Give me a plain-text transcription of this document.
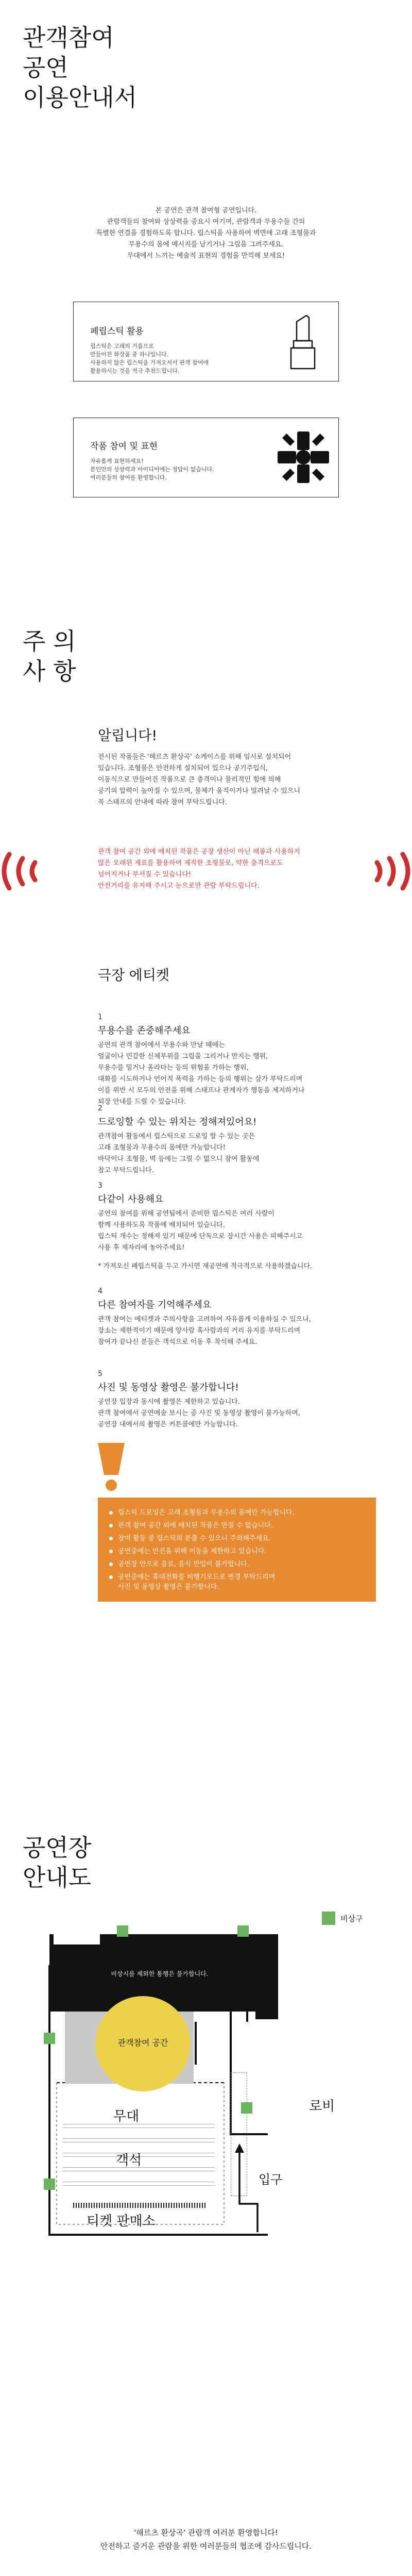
관객참여
공연
이용안내서

본 공연은 관객 참여형 공연입니다.

관람객들의 참여와 상상력을 중요시 여기며, 관람객과 무용수들 간의

특별한 연결을 경험하도록 합니다. 립스틱을 사용하여 벽면에 고래 조형물과

무용수의 몸에 메시지를 남기거나 그림을 그려주세요.

무대에서 느끼는 예술적 표현의 경험을 만끽해 보세요!

페립스틱 활용
립스틱은 고래의 기름으로
만들어진 화장품 중 하나입니다.
사용하지 않은 립스틱을 가져오셔서 관객 참여에
활용하시는 것을 적극 추천드립니다.
작품 참여 및 표현
자유롭게 표현하세요!
본인만의 상상력과 아이디어에는 정답이 없습니다.
여러분들의 참여를 환영합니다.
주 의
사 항
알립니다!
전시된 작품들은 '해르츠 환상곡' 쇼케이스를 위해 임시로 설치되어
있습니다. 조형물은 안전하게 설치되어 있으나 공기주입식,
이동식으로 만들어진 작품으로 큰 충격이나 물리적인 힘에 의해
공기의 압력이 높아질 수 있으며, 물체가 움직이거나 밀려날 수 있으니
꼭 스태프의 안내에 따라 참여 부탁드립니다.
관객 참여 공간 외에 배치된 작품은 공장 생산이 아닌 해롱과 사용하지
않은 오래된 재료를 활용하여 제작한 조형물로, 약한 충격으로도
넘어지거나 부서질 수 있습니다!
안전거리를 유지해 주시고 눈으로만 관람 부탁드립니다.
극장 에티켓
1
무용수를 존중해주세요
공연의 관객 참여에서 무용수와 만날 때에는
얼굴이나 민감한 신체부위를 그림을 그리거나 만지는 행위,
무용수를 밀거나 올라타는 등의 위험을 가하는 행위,
대화를 시도하거나 언어적 폭력을 가하는 등의 행위는 삼가 부탁드리며
이를 위반 시 모두의 안전을 위해 스태프나 관계자가 행동을 제지하거나
퇴장 안내를 드릴 수 있습니다.
2
드로잉할 수 있는 위치는 정해져있어요!
관객참여 활동에서 립스틱으로 드로잉 할 수 있는 곳은
고래 조형물과 무용수의 몸에만 가능합니다!
바닥이나 조형물, 벽 등에는 그릴 수 없으니 참여 활동에
참고 부탁드립니다.
3
다같이 사용해요
공연의 참여를 위해 공연팀에서 준비한 립스틱은 여러 사람이
함께 사용하도록 작품에 배치되어 있습니다.
립스틱 개수는 정해져 있기 때문에 단독으로 장시간 사용은 피해주시고
사용 후 제자리에 놓아주세요!
* 가져오신 폐립스틱을 두고 가시면 재공연에 적극적으로 사용하겠습니다.
4
다른 참여자를 기억해주세요
관객 참여는 에티켓과 주의사항을 고려하여 자유롭게 이용하실 수 있으나,
장소는 제한적이기 때문에 양사람 혹사람과의 거리 유지를 부탁드리며
참여가 끝나신 분들은 객석으로 이동 후 착석해 주세요.
5
사진 및 동영상 촬영은 불가합니다!
공연장 입장과 동시에 촬영은 제한하고 있습니다.
관객 참여에서 공연예술 보시는 중 사진 및 동영상 촬영이 불가능하며,
공연장 내에서의 촬영은 커튼콜에만 가능합니다.
립스틱 드로잉은 고래 조형물과 무용수의 몸에만 가능합니다.
관객 참여 공간 외에 배치된 작품은 만질 수 없습니다.
참여 활동 중 립스틱의 분출 수 있으니 주의해주세요.
공연중에는 안전을 위해 이동을 제한하고 있습니다.
공연장 안으로 음료, 음식 반입이 불가합니다.
공연중에는 휴대전화를 비행기모드로 변경 부탁드리며
사진 및 동영상 촬영은 불가합니다.
공연장
안내도
비상구
비상시를 제외한 통행은 불가합니다.
관객참여 공간
무대
객석
로비
입구
티켓 판매소
'해르츠 환상곡' 관람객 여러분 환영합니다!
안전하고 즐거운 관람을 위한 여러분들의 협조에 감사드립니다.
